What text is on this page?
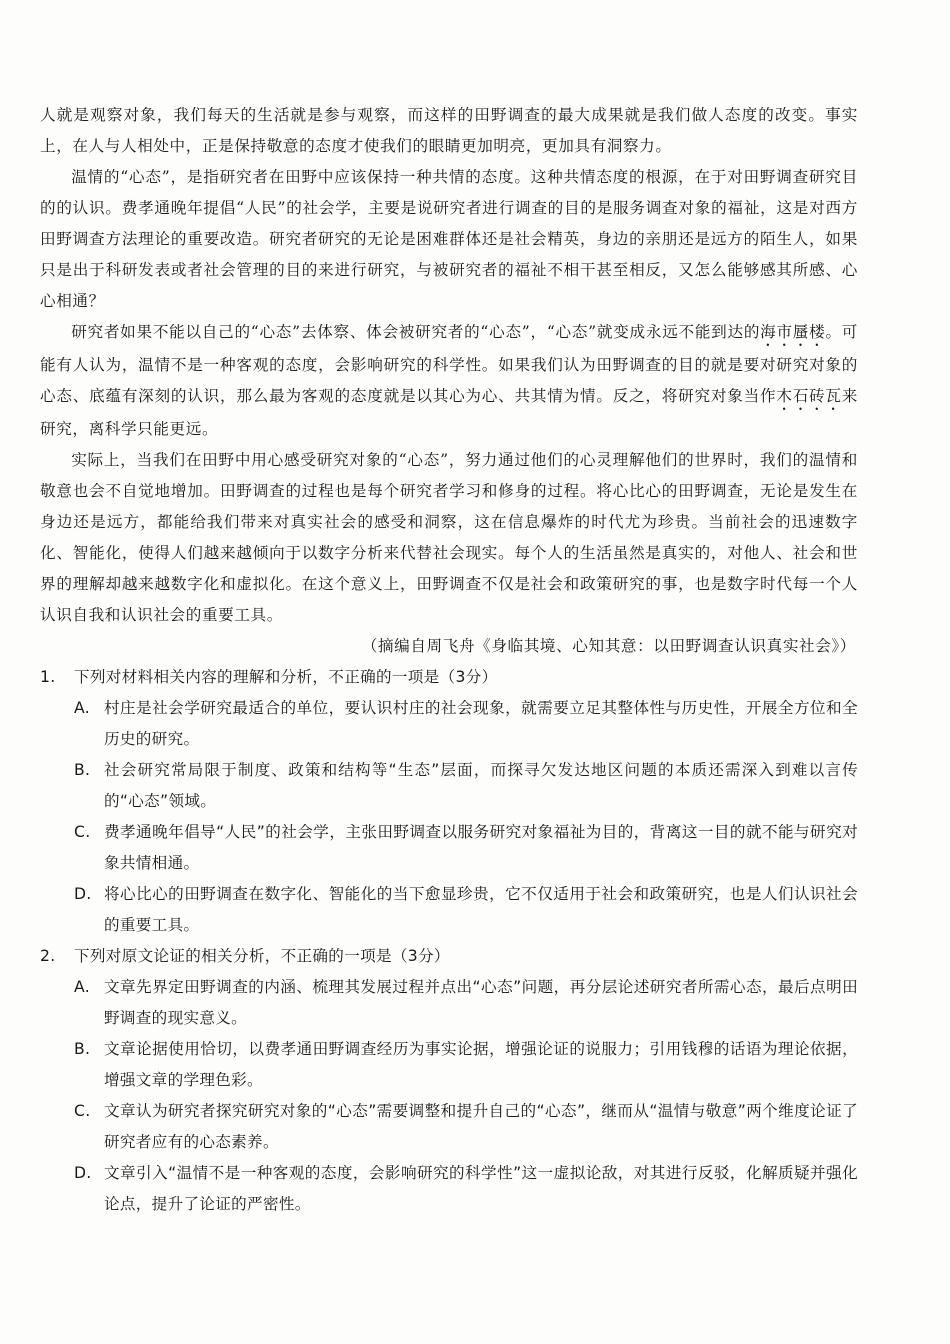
人就是观察对象，我们每天的生活就是参与观察，而这样的田野调查的最大成果就是我们做人态度的改变。事实上，在人与人相处中，正是保持敬意的态度才使我们的眼睛更加明亮，更加具有洞察力。

温情的“心态”，是指研究者在田野中应该保持一种共情的态度。这种共情态度的根源，在于对田野调查研究目的的认识。费孝通晚年提倡“人民”的社会学，主要是说研究者进行调查的目的是服务调查对象的福祉，这是对西方田野调查方法理论的重要改造。研究者研究的无论是困难群体还是社会精英，身边的亲朋还是远方的陌生人，如果只是出于科研发表或者社会管理的目的来进行研究，与被研究者的福祉不相干甚至相反，又怎么能够感其所感、心心相通？

研究者如果不能以自己的“心态”去体察、体会被研究者的“心态”，“心态”就变成永远不能到达的海市蜃楼。可能有人认为，温情不是一种客观的态度，会影响研究的科学性。如果我们认为田野调查的目的就是要对研究对象的心态、底蕴有深刻的认识，那么最为客观的态度就是以其心为心、共其情为情。反之，将研究对象当作木石砖瓦来研究，离科学只能更远。

实际上，当我们在田野中用心感受研究对象的“心态”，努力通过他们的心灵理解他们的世界时，我们的温情和敬意也会不自觉地增加。田野调查的过程也是每个研究者学习和修身的过程。将心比心的田野调查，无论是发生在身边还是远方，都能给我们带来对真实社会的感受和洞察，这在信息爆炸的时代尤为珍贵。当前社会的迅速数字化、智能化，使得人们越来越倾向于以数字分析来代替社会现实。每个人的生活虽然是真实的，对他人、社会和世界的理解却越来越数字化和虚拟化。在这个意义上，田野调查不仅是社会和政策研究的事，也是数字时代每一个人认识自我和认识社会的重要工具。

（摘编自周飞舟《身临其境、心知其意：以田野调查认识真实社会》）
1.	下列对材料相关内容的理解和分析，不正确的一项是（3分）
A. 村庄是社会学研究最适合的单位，要认识村庄的社会现象，就需要立足其整体性与历史性，开展全方位和全历史的研究。
B. 社会研究常局限于制度、政策和结构等“生态”层面，而探寻欠发达地区问题的本质还需深入到难以言传的“心态”领域。
C. 费孝通晚年倡导“人民”的社会学，主张田野调查以服务研究对象福祉为目的，背离这一目的就不能与研究对象共情相通。
D. 将心比心的田野调查在数字化、智能化的当下愈显珍贵，它不仅适用于社会和政策研究，也是人们认识社会的重要工具。
2.	下列对原文论证的相关分析，不正确的一项是（3分）
A. 文章先界定田野调查的内涵、梳理其发展过程并点出“心态”问题，再分层论述研究者所需心态，最后点明田野调查的现实意义。
B. 文章论据使用恰切，以费孝通田野调查经历为事实论据，增强论证的说服力；引用钱穆的话语为理论依据，增强文章的学理色彩。
C. 文章认为研究者探究研究对象的“心态”需要调整和提升自己的“心态”，继而从“温情与敬意”两个维度论证了研究者应有的心态素养。
D. 文章引入“温情不是一种客观的态度，会影响研究的科学性”这一虚拟论敌，对其进行反驳，化解质疑并强化论点，提升了论证的严密性。
